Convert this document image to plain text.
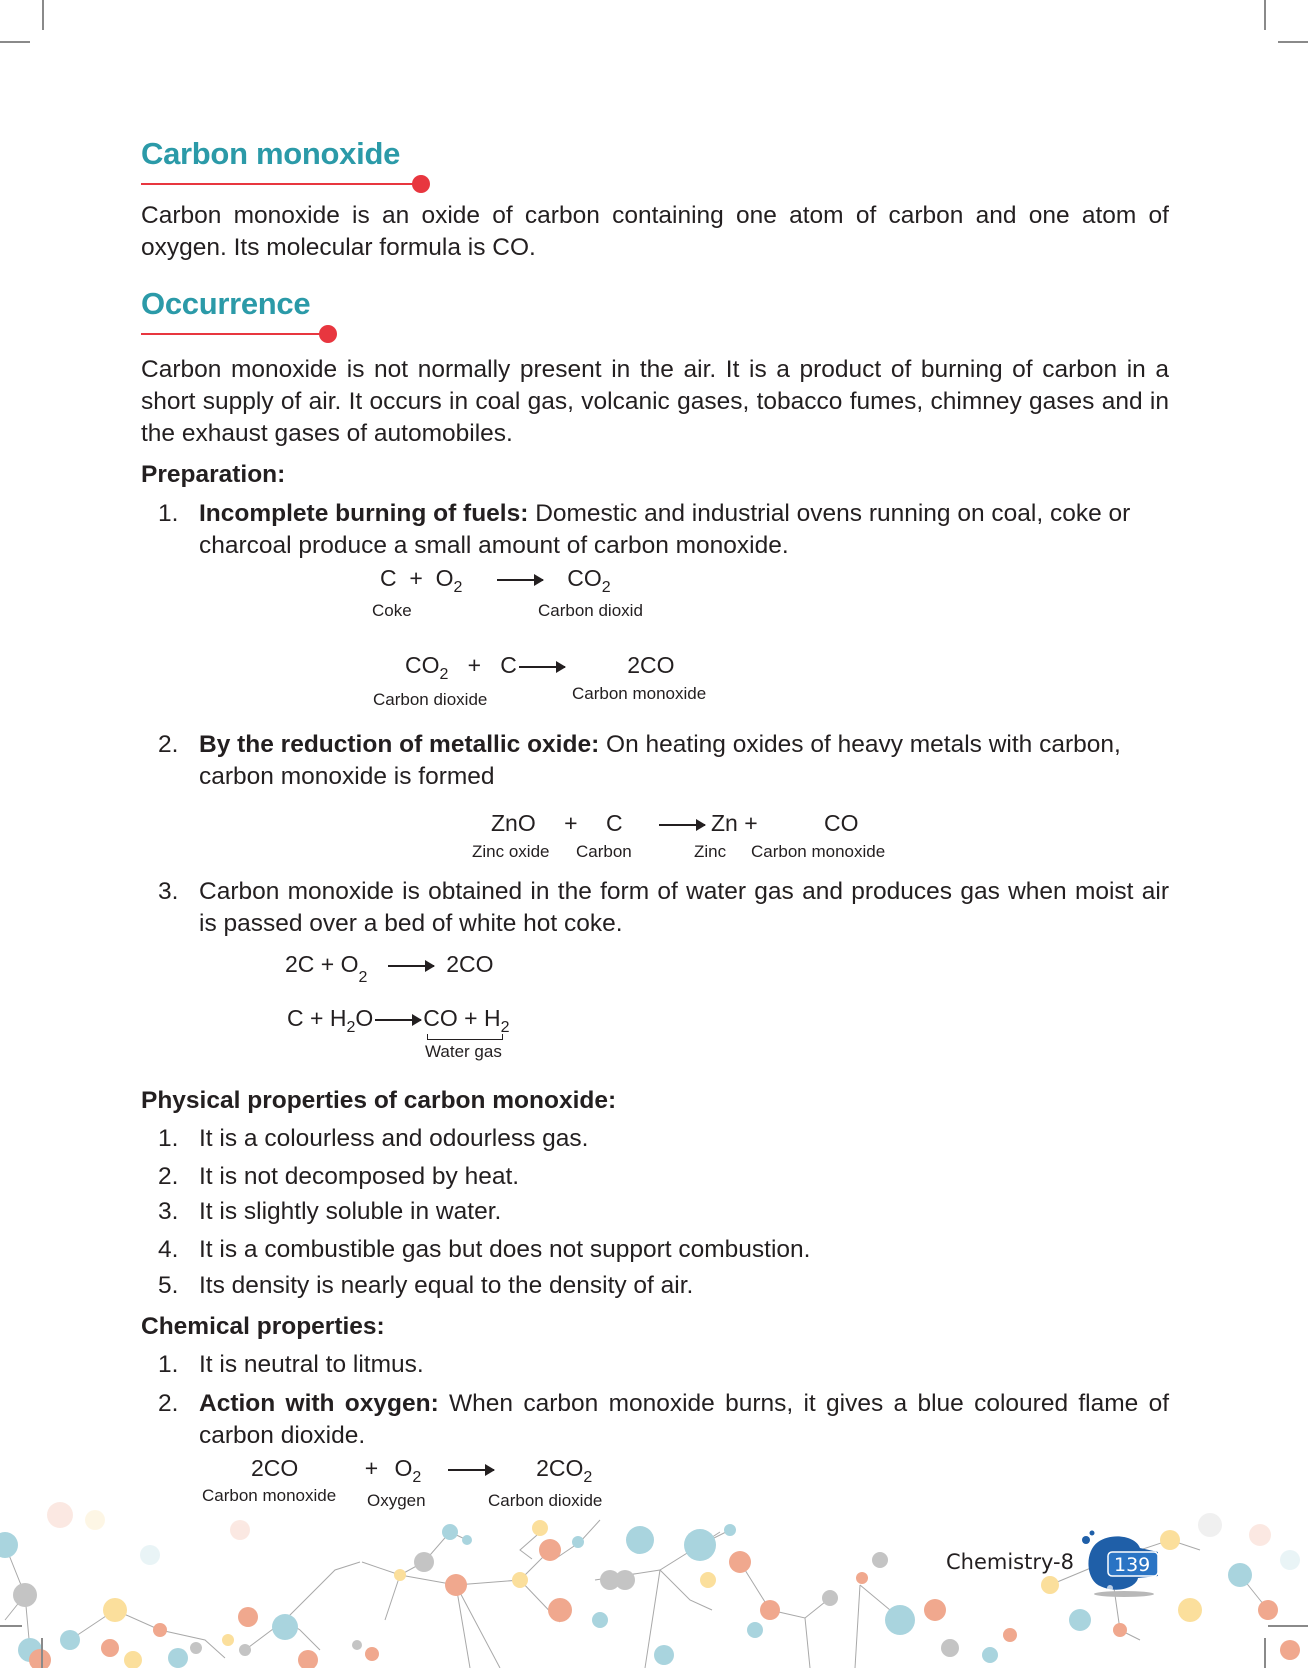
Carbon monoxide
Carbon monoxide is an oxide of carbon containing one atom of carbon and one atom of oxygen. Its molecular formula is CO.
Occurrence
Carbon monoxide is not normally present in the air. It is a product of burning of carbon in a short supply of air. It occurs in coal gas, volcanic gases, tobacco fumes, chimney gases and in the exhaust gases of automobiles.
Preparation:
1. Incomplete burning of fuels: Domestic and industrial ovens running on coal, coke or charcoal produce a small amount of carbon monoxide.
$C + O_2 \to CO_2$
Coke	Carbon dioxid 
$CO_2 + C$ →	2CO
Carbon dioxide	Carbon monoxide
2. By the reduction of metallic oxide: On heating oxides of heavy metals with carbon, carbon monoxide is formed
ZnO + C → Zn +	CO
Zinc oxide Carbon	Zinc Carbon monoxide
3. Carbon monoxide is obtained in the form of water gas and produces gas when moist air is passed over a bed of white hot coke.
$2C + O_2 \to 2CO$
$C + H_2O$ → CO + $H_2$
Water gas
Physical properties of carbon monoxide:
1. It is a colourless and odourless gas.
2. It is not decomposed by heat.
3. It is slightly soluble in water.
4. It is a combustible gas but does not support combustion.
5. Its density is nearly equal to the density of air.
Chemical properties:
1. It is neutral to litmus.
2. Action with oxygen: When carbon monoxide burns, it gives a blue coloured flame of carbon dioxide.
2CO	+ $O_2 \to 2CO_2$
Carbon monoxide Oxygen	Carbon dioxide
Chemistry-8 139
